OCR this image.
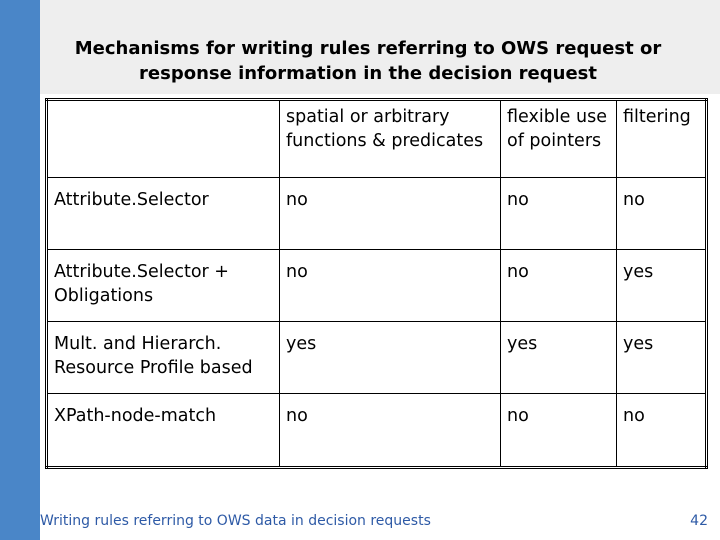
Mechanisms for writing rules referring to OWS request or
response information in the decision request
	spatial or arbitrary functions & predicates	flexible use of pointers	filtering
Attribute.Selector	no	no	no
Attribute.Selector + Obligations	no	no	yes
Mult. and Hierarch. Resource Profile based	yes	yes	yes
XPath-node-match	no	no	no
Writing rules referring to OWS data in decision requests	42
